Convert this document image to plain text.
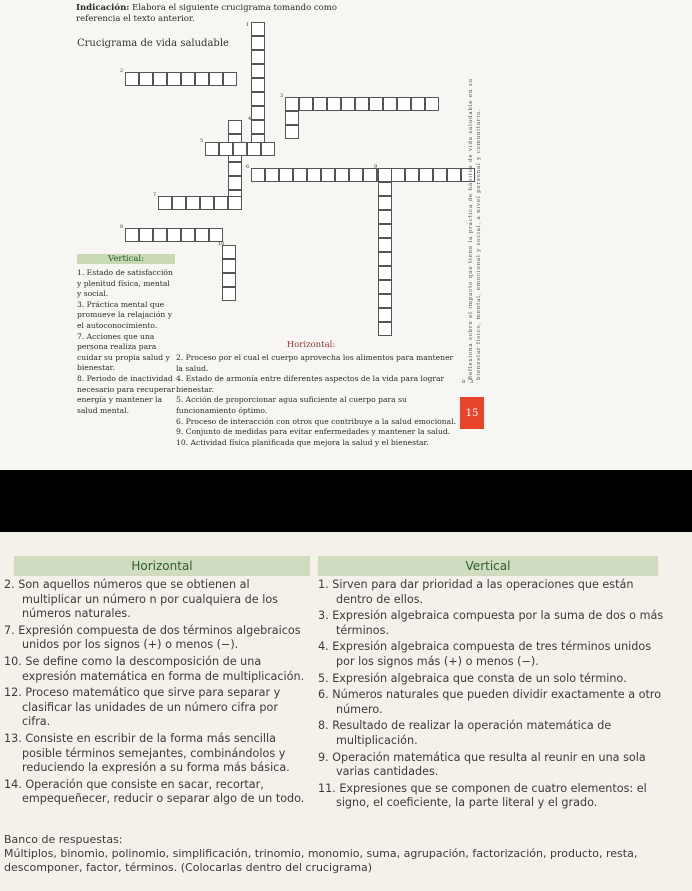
Indicación: Elabora el siguiente crucigrama tomando como referencia el texto anterior.
Crucigrama de vida saludable
1
2
3
4
5
6
7
8
9
10
Vertical:

1. Estado de satisfacción y plenitud física, mental y social.

3. Práctica mental que promueve la relajación y el autoconocimiento.

7. Acciones que una persona realiza para cuidar su propia salud y bienestar.

8. Periodo de inactividad necesario para recuperar energía y mantener la salud mental.

Horizontal:

2. Proceso por el cual el cuerpo aprovecha los alimentos para mantener la salud.

4. Estado de armonía entre diferentes aspectos de la vida para lograr bienestar.

5. Acción de proporcionar agua suficiente al cuerpo para su funcionamiento óptimo.

6. Proceso de interacción con otros que contribuye a la salud emocional.

9. Conjunto de medidas para evitar enfermedades y mantener la salud.

10. Actividad física planificada que mejora la salud y el bienestar.

Reflexiona sobre el impacto que tiene la práctica de hábitos de vida saludable en su bienestar físico, mental, emocional y social, a nivel personal y comunitario.
8 · 3
15
Horizontal	Vertical

2. Son aquellos números que se obtienen al multiplicar un número n por cualquiera de los números naturales.

7. Expresión compuesta de dos términos algebraicos unidos por los signos (+) o menos (−).

10. Se define como la descomposición de una expresión matemática en forma de multiplicación.

12. Proceso matemático que sirve para separar y clasificar las unidades de un número cifra por cifra.

13. Consiste en escribir de la forma más sencilla posible términos semejantes, combinándolos y reduciendo la expresión a su forma más básica.

14. Operación que consiste en sacar, recortar, empequeñecer, reducir o separar algo de un todo.

1. Sirven para dar prioridad a las operaciones que están dentro de ellos.

3. Expresión algebraica compuesta por la suma de dos o más términos.

4. Expresión algebraica compuesta de tres términos unidos por los signos más (+) o menos (−).

5. Expresión algebraica que consta de un solo término.

6. Números naturales que pueden dividir exactamente a otro número.

8. Resultado de realizar la operación matemática de multiplicación.

9. Operación matemática que resulta al reunir en una sola varias cantidades.

11. Expresiones que se componen de cuatro elementos: el signo, el coeficiente, la parte literal y el grado.

Banco de respuestas:
Múltiplos, binomio, polinomio, simplificación, trinomio, monomio, suma, agrupación, factorización, producto, resta, descomponer, factor, términos. (Colocarlas dentro del crucigrama)
